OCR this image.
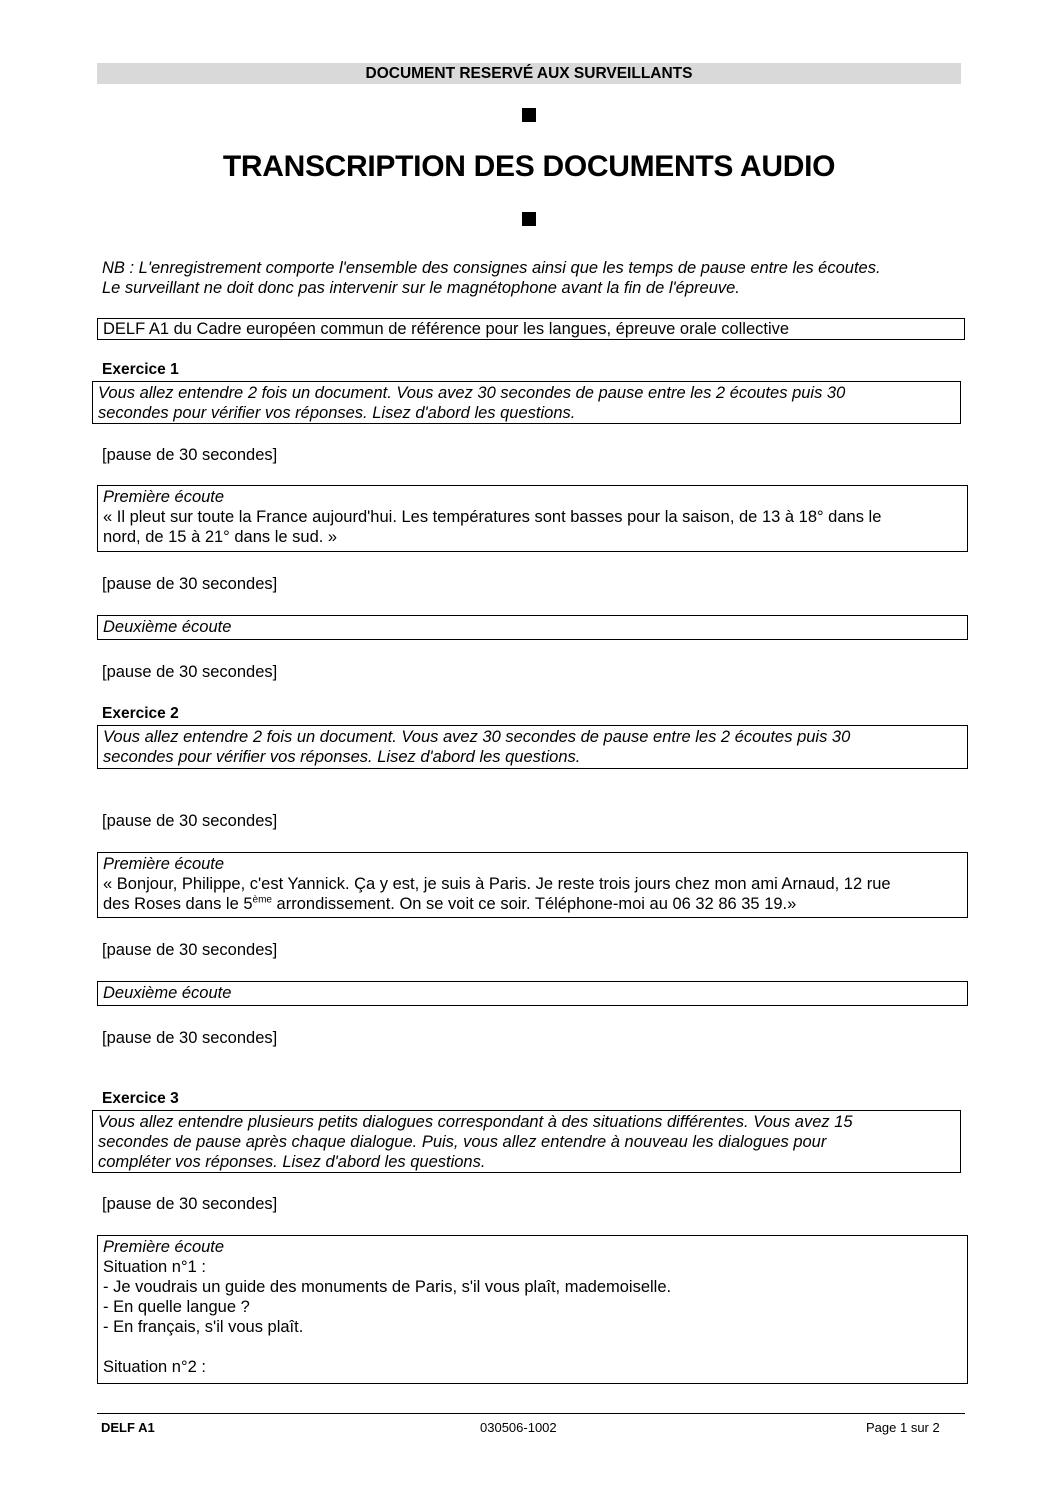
DOCUMENT RESERVÉ AUX SURVEILLANTS
TRANSCRIPTION DES DOCUMENTS AUDIO
NB : L'enregistrement comporte l'ensemble des consignes ainsi que les temps de pause entre les écoutes.
Le surveillant ne doit donc pas intervenir sur le magnétophone avant la fin de l'épreuve.
DELF A1 du Cadre européen commun de référence pour les langues, épreuve orale collective
Exercice 1
Vous allez entendre 2 fois un document. Vous avez 30 secondes de pause entre les 2 écoutes puis 30
secondes pour vérifier vos réponses. Lisez d'abord les questions.
[pause de 30 secondes]
Première écoute
« Il pleut sur toute la France aujourd'hui. Les températures sont basses pour la saison, de 13 à 18° dans le
nord, de 15 à 21° dans le sud. »
[pause de 30 secondes]
Deuxième écoute
[pause de 30 secondes]
Exercice 2
Vous allez entendre 2 fois un document. Vous avez 30 secondes de pause entre les 2 écoutes puis 30
secondes pour vérifier vos réponses. Lisez d'abord les questions.
[pause de 30 secondes]
Première écoute
« Bonjour, Philippe, c'est Yannick. Ça y est, je suis à Paris. Je reste trois jours chez mon ami Arnaud, 12 rue
des Roses dans le 5ème arrondissement. On se voit ce soir. Téléphone-moi au 06 32 86 35 19.»
[pause de 30 secondes]
Deuxième écoute
[pause de 30 secondes]
Exercice 3
Vous allez entendre plusieurs petits dialogues correspondant à des situations différentes. Vous avez 15
secondes de pause après chaque dialogue. Puis, vous allez entendre à nouveau les dialogues pour
compléter vos réponses. Lisez d'abord les questions.
[pause de 30 secondes]
Première écoute
Situation n°1 :
- Je voudrais un guide des monuments de Paris, s'il vous plaît, mademoiselle.
- En quelle langue ?
- En français, s'il vous plaît.
Situation n°2 :
DELF A1	030506-1002	Page 1 sur 2
